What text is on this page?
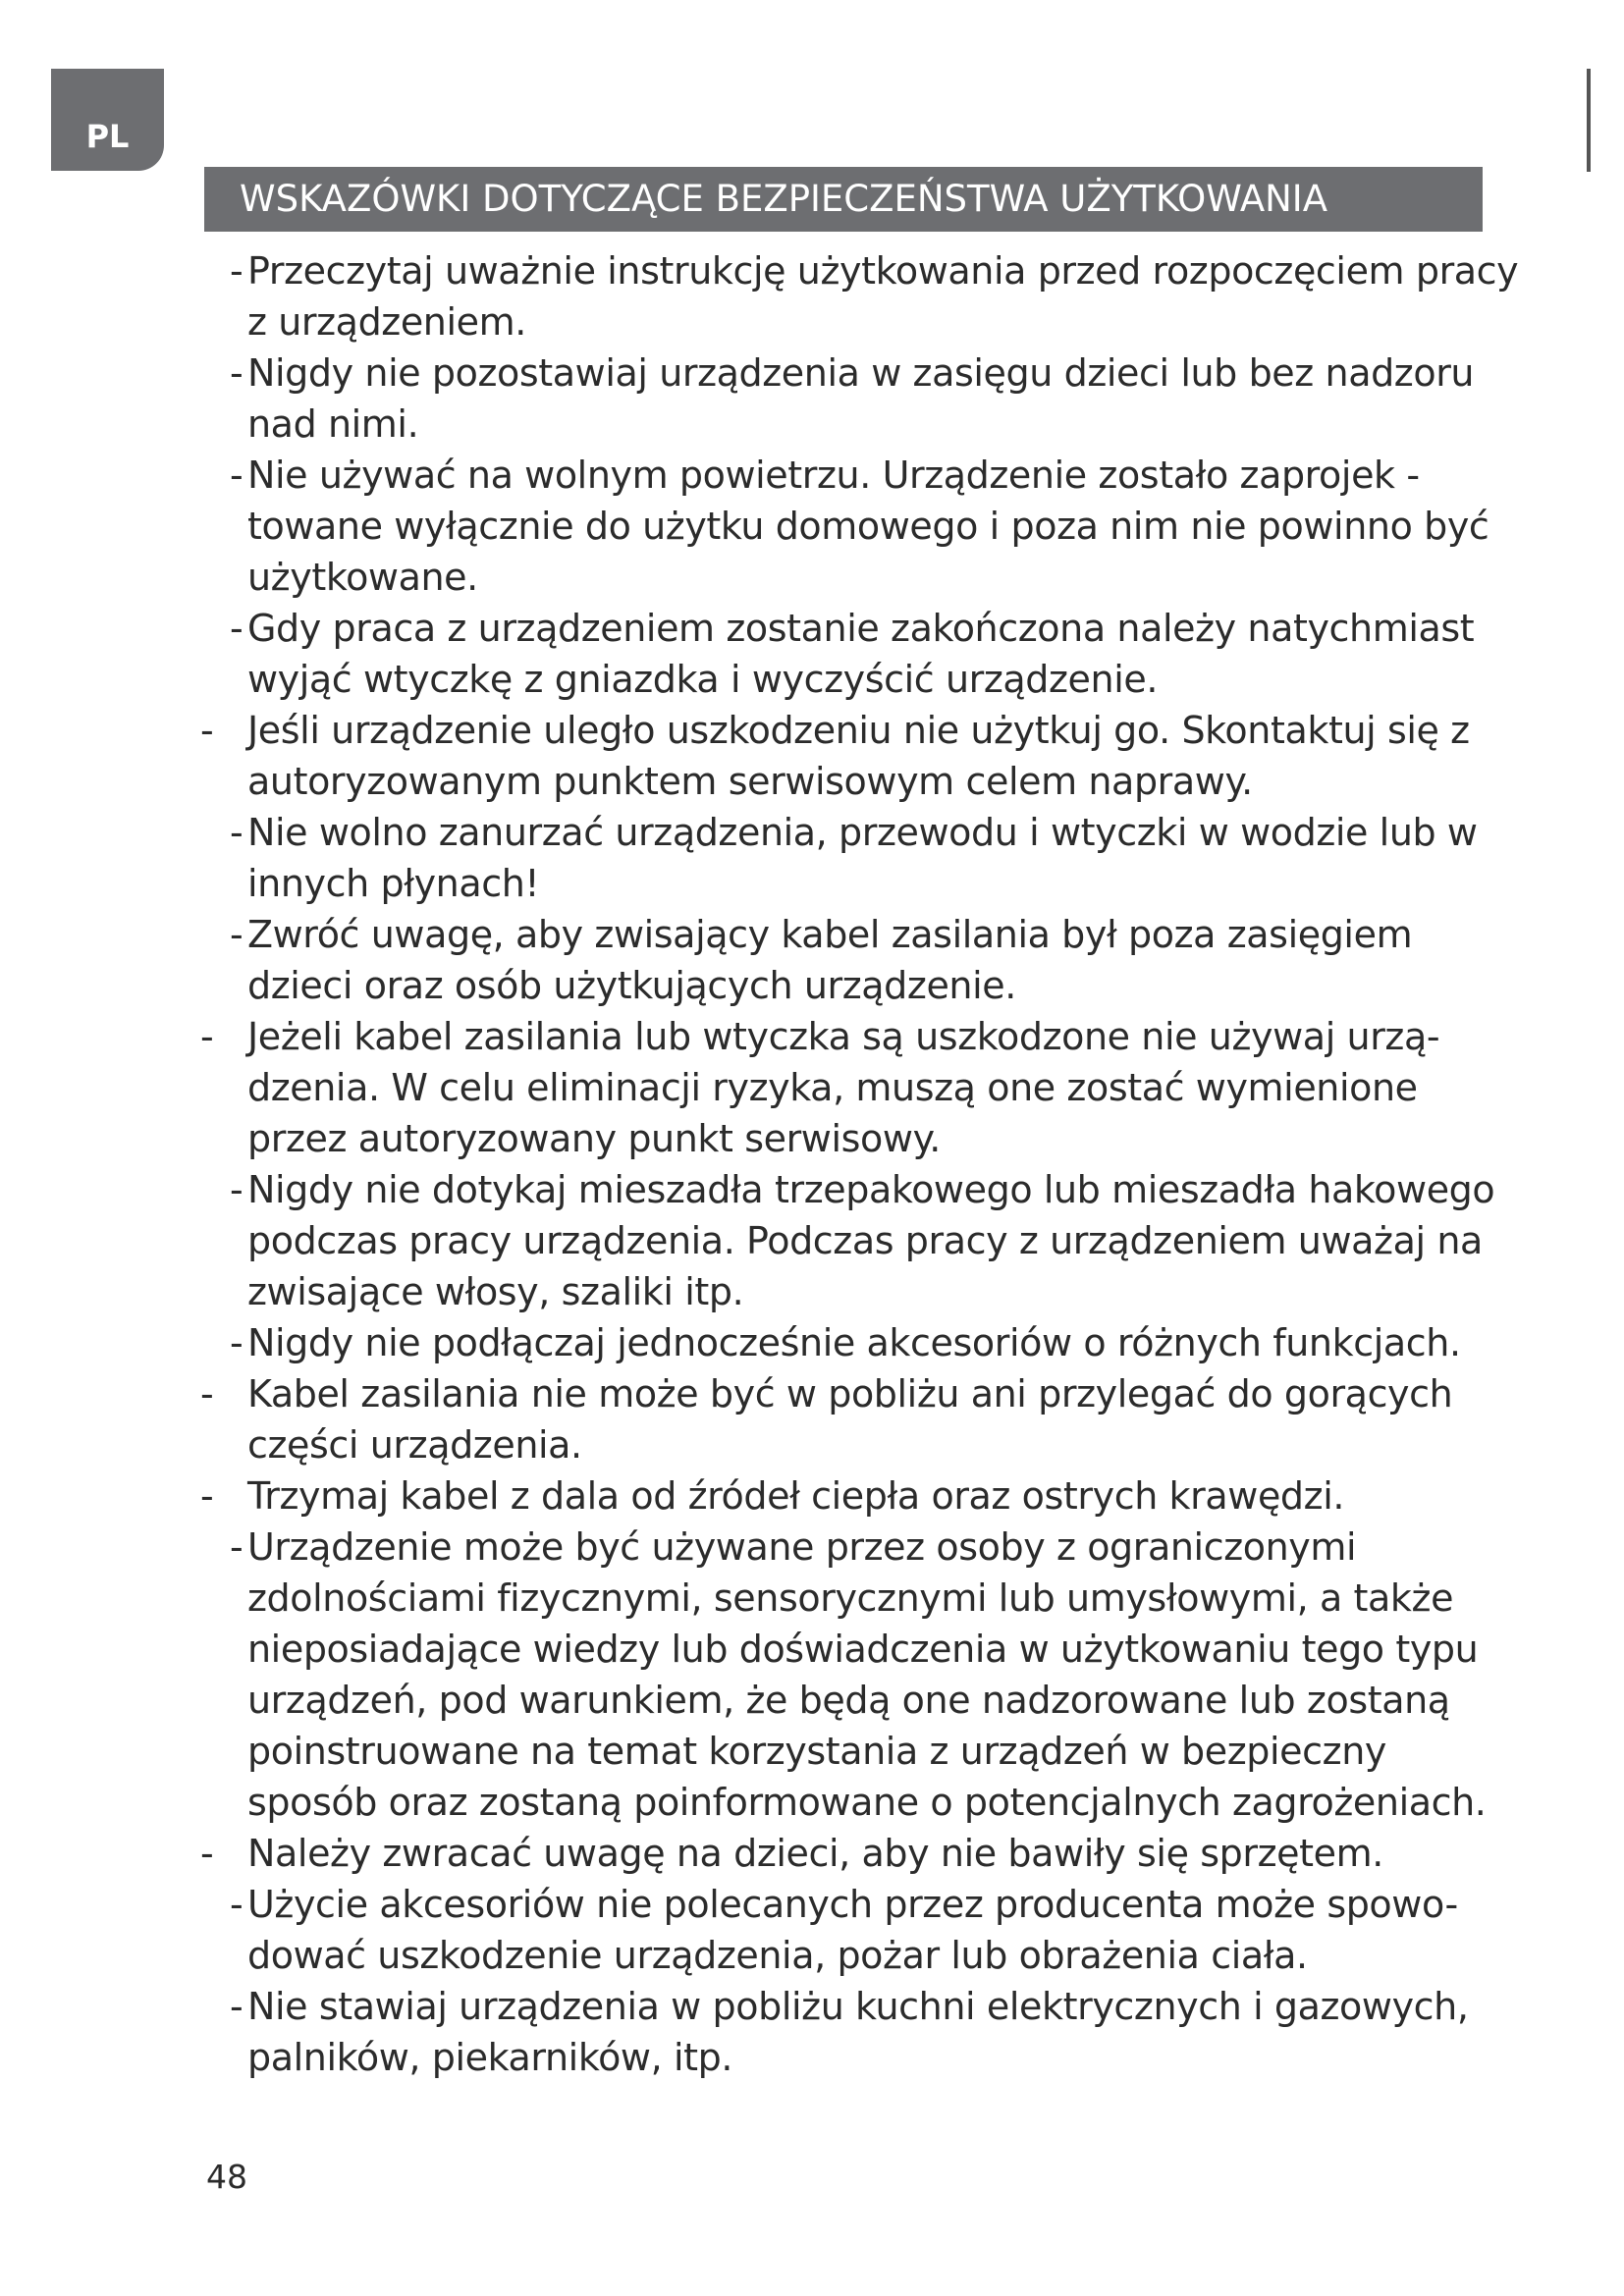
PL
WSKAZÓWKI DOTYCZĄCE BEZPIECZEŃSTWA UŻYTKOWANIA
- Przeczytaj uważnie instrukcję użytkowania przed rozpoczęciem pracy z urządzeniem.
- Nigdy nie pozostawiaj urządzenia w zasięgu dzieci lub bez nadzoru nad nimi.
- Nie używać na wolnym powietrzu. Urządzenie zostało zaprojek - towane wyłącznie do użytku domowego i poza nim nie powinno być użytkowane.
- Gdy praca z urządzeniem zostanie zakończona należy natychmiast wyjąć wtyczkę z gniazdka i wyczyścić urządzenie.
- Jeśli urządzenie uległo uszkodzeniu nie użytkuj go. Skontaktuj się z autoryzowanym punktem serwisowym celem naprawy.
- Nie wolno zanurzać urządzenia, przewodu i wtyczki w wodzie lub w innych płynach!
- Zwróć uwagę, aby zwisający kabel zasilania był poza zasięgiem dzieci oraz osób użytkujących urządzenie.
- Jeżeli kabel zasilania lub wtyczka są uszkodzone nie używaj urzą- dzenia. W celu eliminacji ryzyka, muszą one zostać wymienione przez autoryzowany punkt serwisowy.
- Nigdy nie dotykaj mieszadła trzepakowego lub mieszadła hakowego podczas pracy urządzenia. Podczas pracy z urządzeniem uważaj na zwisające włosy, szaliki itp.
- Nigdy nie podłączaj jednocześnie akcesoriów o różnych funkcjach.
- Kabel zasilania nie może być w pobliżu ani przylegać do gorących części urządzenia.
- Trzymaj kabel z dala od źródeł ciepła oraz ostrych krawędzi.
- Urządzenie może być używane przez osoby z ograniczonymi zdolnościami fizycznymi, sensorycznymi lub umysłowymi, a także nieposiadające wiedzy lub doświadczenia w użytkowaniu tego typu urządzeń, pod warunkiem, że będą one nadzorowane lub zostaną poinstruowane na temat korzystania z urządzeń w bezpieczny sposób oraz zostaną poinformowane o potencjalnych zagrożeniach.
- Należy zwracać uwagę na dzieci, aby nie bawiły się sprzętem.
- Użycie akcesoriów nie polecanych przez producenta może spowo- dować uszkodzenie urządzenia, pożar lub obrażenia ciała.
- Nie stawiaj urządzenia w pobliżu kuchni elektrycznych i gazowych, palników, piekarników, itp.
48
